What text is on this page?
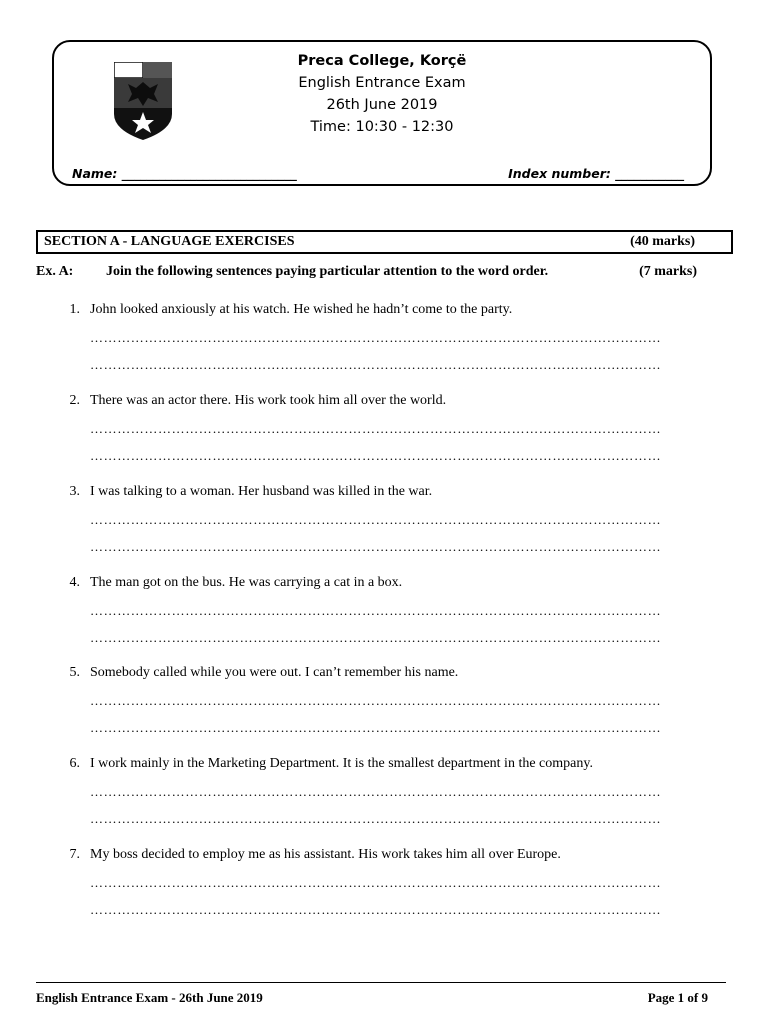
Preca College, Korçë
English Entrance Exam
26th June 2019
Time: 10:30 - 12:30
Name: ____________________________	Index number: ___________
SECTION A - LANGUAGE EXERCISES	(40 marks)
Ex. A: Join the following sentences paying particular attention to the word order.	(7 marks)
1. John looked anxiously at his watch. He wished he hadn’t come to the party.
………………………………………………………………………………………………………………
………………………………………………………………………………………………………………
2. There was an actor there. His work took him all over the world.
………………………………………………………………………………………………………………
………………………………………………………………………………………………………………
3. I was talking to a woman. Her husband was killed in the war.
………………………………………………………………………………………………………………
………………………………………………………………………………………………………………
4. The man got on the bus. He was carrying a cat in a box.
………………………………………………………………………………………………………………
………………………………………………………………………………………………………………
5. Somebody called while you were out. I can’t remember his name.
………………………………………………………………………………………………………………
………………………………………………………………………………………………………………
6. I work mainly in the Marketing Department. It is the smallest department in the company.
………………………………………………………………………………………………………………
………………………………………………………………………………………………………………
7. My boss decided to employ me as his assistant. His work takes him all over Europe.
………………………………………………………………………………………………………………
………………………………………………………………………………………………………………
English Entrance Exam - 26th June 2019	Page 1 of 9
